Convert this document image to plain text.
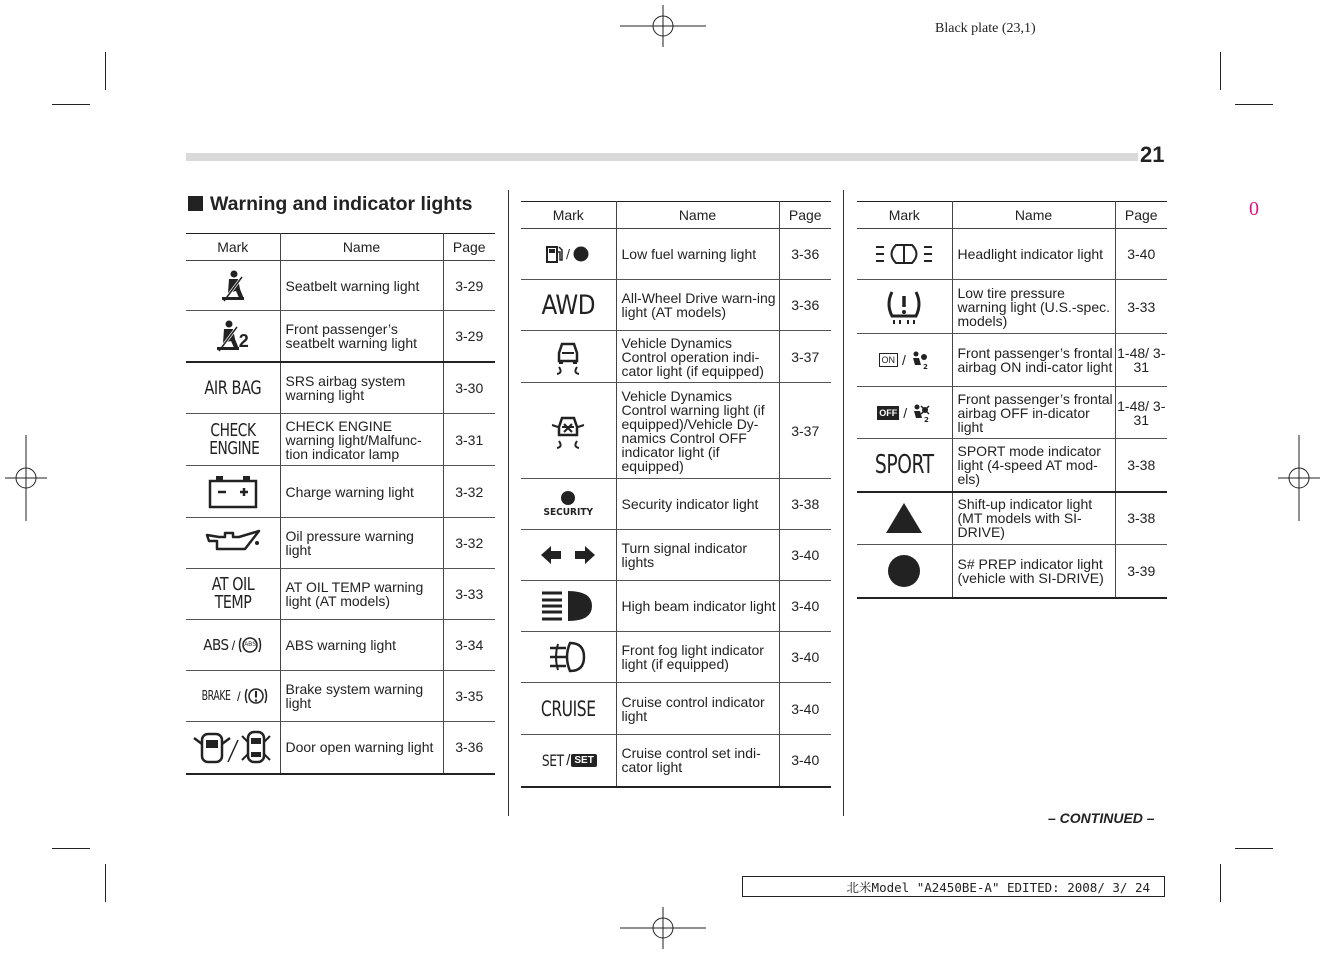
Black plate (23,1)
0
21
Warning and indicator lights
Mark	Name	Page

	Seatbelt warning light	3-29

2	Front passenger’s seatbelt warning light	3-29

AIR BAG	SRS airbag system warning light	3-30

CHECK ENGINE	CHECK ENGINE warning light/Malfunc-tion indicator lamp	3-31

	Charge warning light	3-32

	Oil pressure warning light	3-32

AT OIL TEMP	AT OIL TEMP warning light (AT models)	3-33

ABS / ABS	ABS warning light	3-34

BRAKE /	Brake system warning light	3-35

	Door open warning light	3-36
Mark	Name	Page

/	Low fuel warning light	3-36

AWD	All-Wheel Drive warn-ing light (AT models)	3-36

	Vehicle Dynamics Control operation indi-cator light (if equipped)	3-37

	Vehicle Dynamics Control warning light (if equipped)/Vehicle Dy-namics Control OFF indicator light (if equipped)	3-37

SECURITY	Security indicator light	3-38

	Turn signal indicator lights	3-40

	High beam indicator light	3-40

	Front fog light indicator light (if equipped)	3-40

CRUISE	Cruise control indicator light	3-40

SET / SET	Cruise control set indi-cator light	3-40
Mark	Name	Page

	Headlight indicator light	3-40

	Low tire pressure warning light (U.S.-spec. models)	3-33

ON / 2	Front passenger’s frontal airbag ON indi-cator light	1-48/ 3-31

OFF / 2	Front passenger’s frontal airbag OFF in-dicator light	1-48/ 3-31

SPORT	SPORT mode indicator light (4-speed AT mod-els)	3-38

	Shift-up indicator light (MT models with SI-DRIVE)	3-38

	S# PREP indicator light (vehicle with SI-DRIVE)	3-39
– CONTINUED –
北米Model "A2450BE-A" EDITED: 2008/ 3/ 24
